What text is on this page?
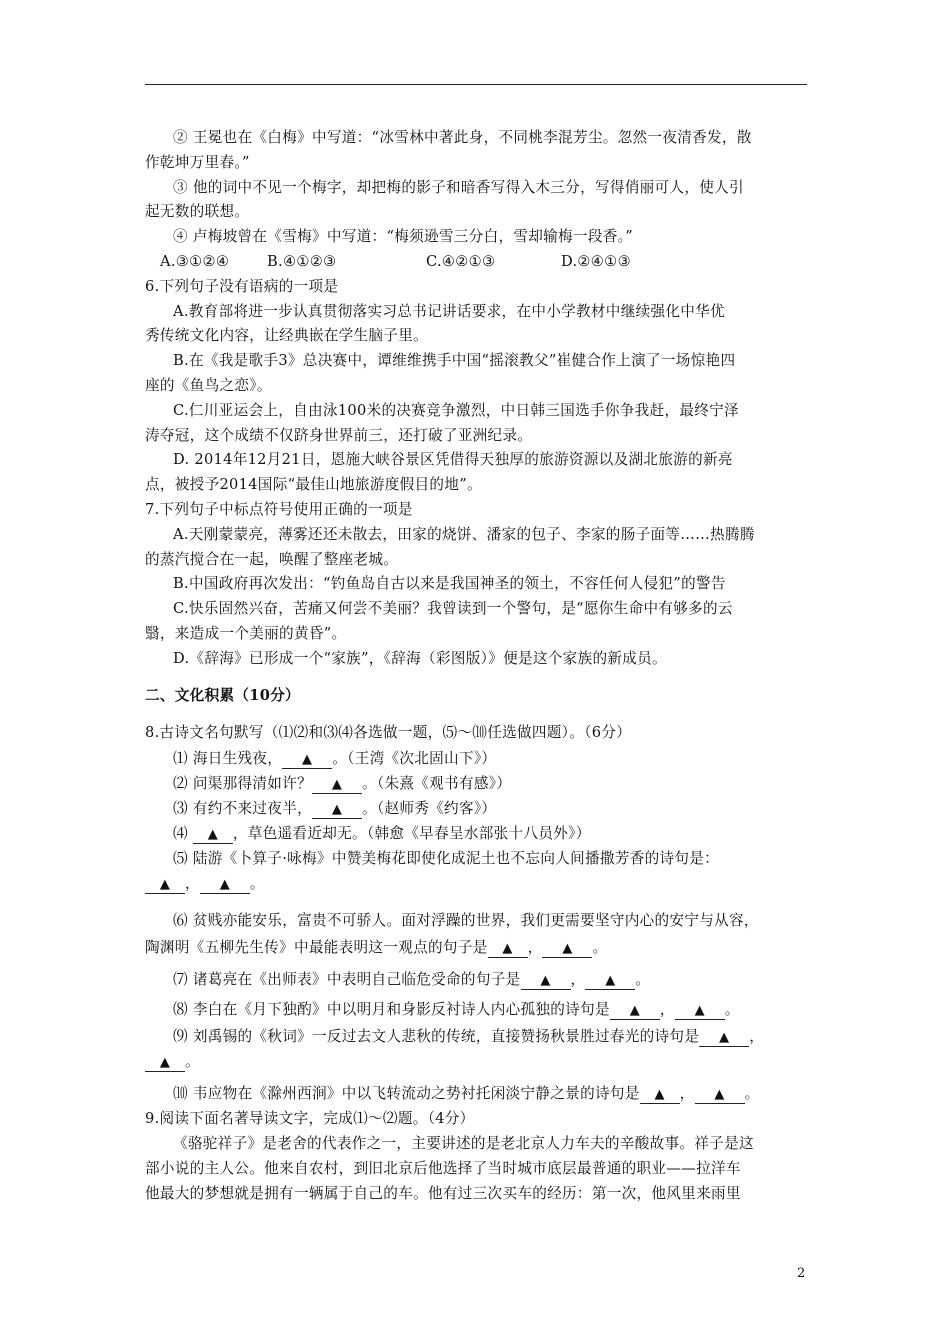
② 王冕也在《白梅》中写道：“冰雪林中著此身，不同桃李混芳尘。忽然一夜清香发，散
作乾坤万里春。”
③ 他的词中不见一个梅字，却把梅的影子和暗香写得入木三分，写得俏丽可人，使人引
起无数的联想。
④ 卢梅坡曾在《雪梅》中写道：“梅须逊雪三分白，雪却输梅一段香。”
A.③①②④	B.④①②③	C.④②①③	D.②④①③
6.下列句子没有语病的一项是
A.教育部将进一步认真贯彻落实习总书记讲话要求，在中小学教材中继续强化中华优
秀传统文化内容，让经典嵌在学生脑子里。
B.在《我是歌手3》总决赛中，谭维维携手中国“摇滚教父”崔健合作上演了一场惊艳四
座的《鱼鸟之恋》。
C.仁川亚运会上，自由泳100米的决赛竞争激烈，中日韩三国选手你争我赶，最终宁泽
涛夺冠，这个成绩不仅跻身世界前三，还打破了亚洲纪录。
D. 2014年12月21日，恩施大峡谷景区凭借得天独厚的旅游资源以及湖北旅游的新亮
点，被授予2014国际“最佳山地旅游度假目的地”。
7.下列句子中标点符号使用正确的一项是
A.天刚蒙蒙亮，薄雾还还未散去，田家的烧饼、潘家的包子、李家的肠子面等……热腾腾
的蒸汽搅合在一起，唤醒了整座老城。
B.中国政府再次发出：“钓鱼岛自古以来是我国神圣的领土，不容任何人侵犯”的警告
C.快乐固然兴奋，苦痛又何尝不美丽？我曾读到一个警句，是“愿你生命中有够多的云
翳，来造成一个美丽的黄昏”。
D.《辞海》已形成一个“家族”，《辞海（彩图版）》便是这个家族的新成员。
二、文化积累（10分）
8.古诗文名句默写（⑴⑵和⑶⑷各选做一题，⑸～⑽任选做四题）。（6分）
⑴ 海日生残夜， ▲ 。（王湾《次北固山下》）
⑵ 问渠那得清如许？ ▲ 。（朱熹《观书有感》）
⑶ 有约不来过夜半， ▲ 。（赵师秀《约客》）
⑷ ▲ ，草色遥看近却无。（韩愈《早春呈水部张十八员外》）
⑸ 陆游《卜算子·咏梅》中赞美梅花即使化成泥土也不忘向人间播撒芳香的诗句是：
▲ ， ▲ 。
⑹ 贫贱亦能安乐，富贵不可骄人。面对浮躁的世界，我们更需要坚守内心的安宁与从容，
陶渊明《五柳先生传》中最能表明这一观点的句子是 ▲ ， ▲ 。
⑺ 诸葛亮在《出师表》中表明自己临危受命的句子是 ▲ ， ▲ 。
⑻ 李白在《月下独酌》中以明月和身影反衬诗人内心孤独的诗句是 ▲ ， ▲ 。
⑼ 刘禹锡的《秋词》一反过去文人悲秋的传统，直接赞扬秋景胜过春光的诗句是 ▲ ，
▲ 。
⑽ 韦应物在《滁州西涧》中以飞转流动之势衬托闲淡宁静之景的诗句是 ▲ ， ▲ 。
9.阅读下面名著导读文字，完成⑴～⑵题。（4分）
《骆驼祥子》是老舍的代表作之一，主要讲述的是老北京人力车夫的辛酸故事。祥子是这
部小说的主人公。他来自农村，到旧北京后他选择了当时城市底层最普通的职业——拉洋车
他最大的梦想就是拥有一辆属于自己的车。他有过三次买车的经历：第一次，他风里来雨里
2
